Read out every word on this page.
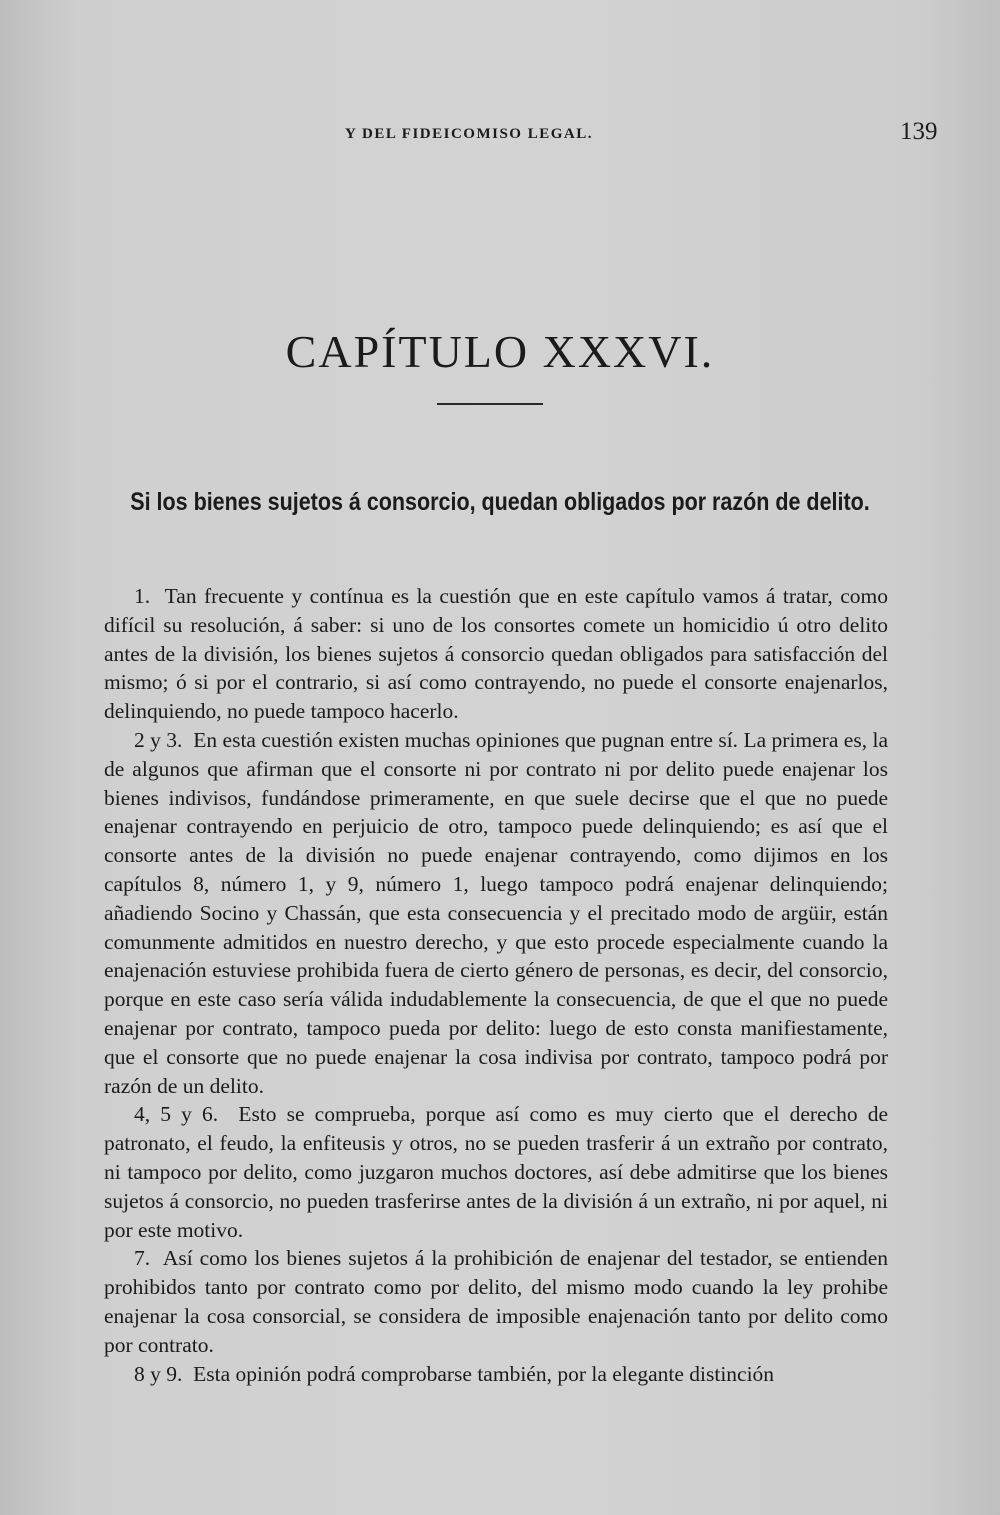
Y DEL FIDEICOMISO LEGAL.	139
CAPÍTULO XXXVI.
Si los bienes sujetos á consorcio, quedan obligados por razón de delito.

1. Tan frecuente y contínua es la cuestión que en este capítulo vamos á tratar, como difícil su resolución, á saber: si uno de los consortes comete un homicidio ú otro delito antes de la división, los bienes sujetos á consorcio quedan obligados para satisfacción del mismo; ó si por el contrario, si así como contrayendo, no puede el consorte enajenarlos, delinquiendo, no puede tampoco hacerlo.

2 y 3. En esta cuestión existen muchas opiniones que pugnan entre sí. La primera es, la de algunos que afirman que el consorte ni por contrato ni por delito puede enajenar los bienes indivisos, fundándose primeramente, en que suele decirse que el que no puede enajenar contrayendo en perjuicio de otro, tampoco puede delinquiendo; es así que el consorte antes de la división no puede enajenar contrayendo, como dijimos en los capítulos 8, número 1, y 9, número 1, luego tampoco podrá enajenar delinquiendo; añadiendo Socino y Chassán, que esta consecuencia y el precitado modo de argüir, están comunmente admitidos en nuestro derecho, y que esto procede especialmente cuando la enajenación estuviese prohibida fuera de cierto género de personas, es decir, del consorcio, porque en este caso sería válida indudablemente la consecuencia, de que el que no puede enajenar por contrato, tampoco pueda por delito: luego de esto consta manifiestamente, que el consorte que no puede enajenar la cosa indivisa por contrato, tampoco podrá por razón de un delito.

4, 5 y 6. Esto se comprueba, porque así como es muy cierto que el derecho de patronato, el feudo, la enfiteusis y otros, no se pueden trasferir á un extraño por contrato, ni tampoco por delito, como juzgaron muchos doctores, así debe admitirse que los bienes sujetos á consorcio, no pueden trasferirse antes de la división á un extraño, ni por aquel, ni por este motivo.

7. Así como los bienes sujetos á la prohibición de enajenar del testador, se entienden prohibidos tanto por contrato como por delito, del mismo modo cuando la ley prohibe enajenar la cosa consorcial, se considera de imposible enajenación tanto por delito como por contrato.

8 y 9. Esta opinión podrá comprobarse también, por la elegante distinción
